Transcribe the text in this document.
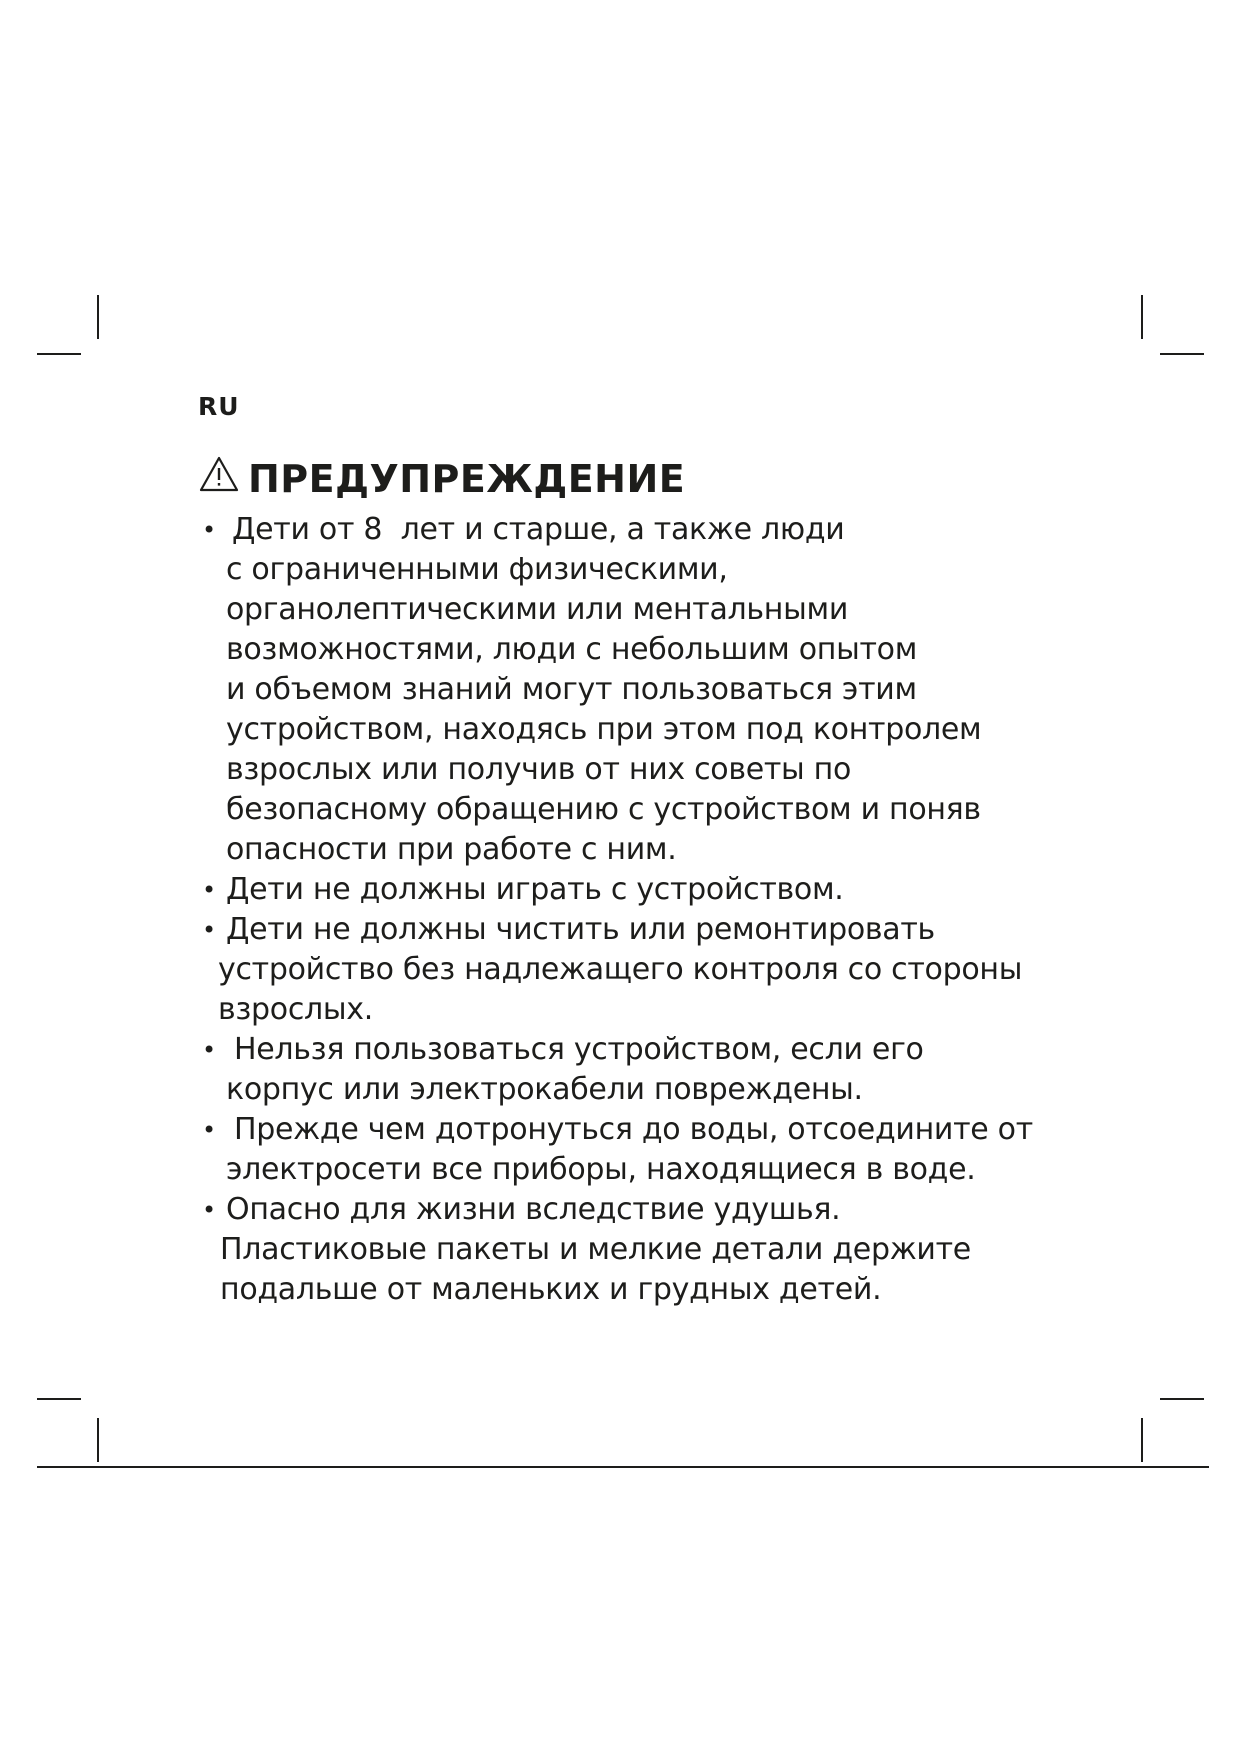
RU
ПРЕДУПРЕЖДЕНИЕ
• Дети от 8  лет и старше, а также люди
с ограниченными физическими,
органолептическими или ментальными
возможностями, люди с небольшим опытом
и объемом знаний могут пользоваться этим
устройством, находясь при этом под контролем
взрослых или получив от них советы по
безопасному обращению с устройством и поняв
опасности при работе с ним.
• Дети не должны играть с устройством.
• Дети не должны чистить или ремонтировать
устройство без надлежащего контроля со стороны
взрослых.
• Нельзя пользоваться устройством, если его
корпус или электрокабели повреждены.
• Прежде чем дотронуться до воды, отсоедините от
электросети все приборы, находящиеся в воде.
• Опасно для жизни вследствие удушья.
Пластиковые пакеты и мелкие детали держите
подальше от маленьких и грудных детей.
